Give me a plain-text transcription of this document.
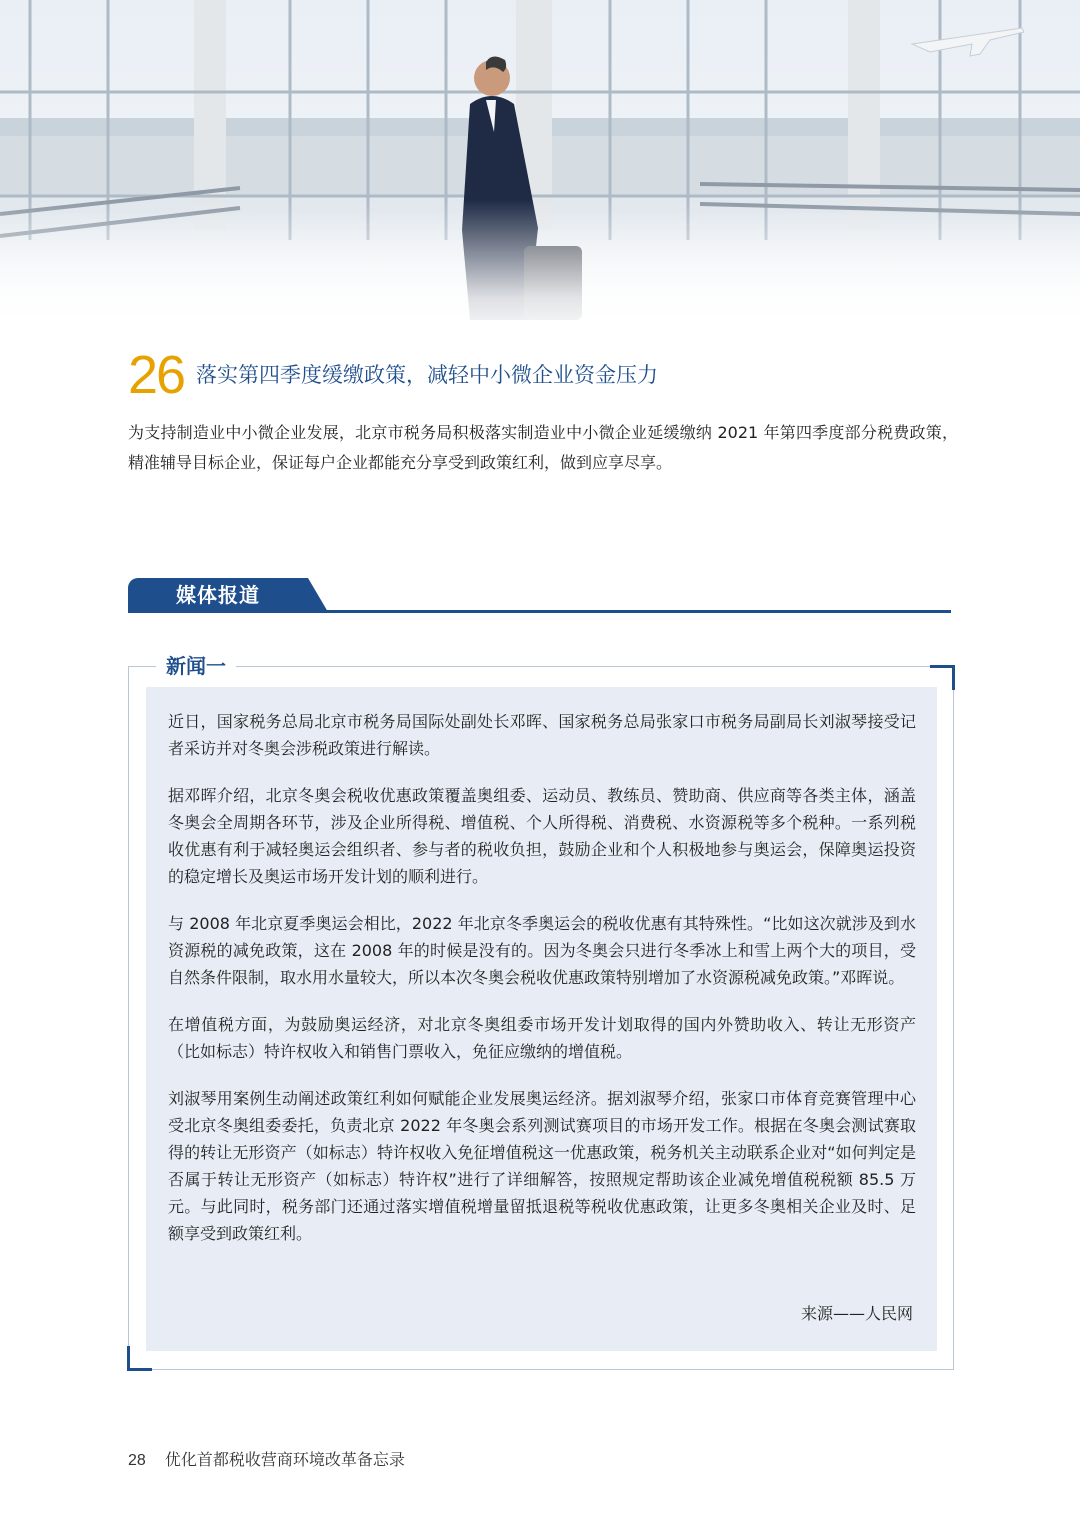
26 落实第四季度缓缴政策，减轻中小微企业资金压力
为支持制造业中小微企业发展，北京市税务局积极落实制造业中小微企业延缓缴纳 2021 年第四季度部分税费政策，精准辅导目标企业，保证每户企业都能充分享受到政策红利，做到应享尽享。
媒体报道
新闻一

近日，国家税务总局北京市税务局国际处副处长邓晖、国家税务总局张家口市税务局副局长刘淑琴接受记者采访并对冬奥会涉税政策进行解读。

据邓晖介绍，北京冬奥会税收优惠政策覆盖奥组委、运动员、教练员、赞助商、供应商等各类主体，涵盖冬奥会全周期各环节，涉及企业所得税、增值税、个人所得税、消费税、水资源税等多个税种。一系列税收优惠有利于减轻奥运会组织者、参与者的税收负担，鼓励企业和个人积极地参与奥运会，保障奥运投资的稳定增长及奥运市场开发计划的顺利进行。

与 2008 年北京夏季奥运会相比，2022 年北京冬季奥运会的税收优惠有其特殊性。“比如这次就涉及到水资源税的减免政策，这在 2008 年的时候是没有的。因为冬奥会只进行冬季冰上和雪上两个大的项目，受自然条件限制，取水用水量较大，所以本次冬奥会税收优惠政策特别增加了水资源税减免政策。”邓晖说。

在增值税方面，为鼓励奥运经济，对北京冬奥组委市场开发计划取得的国内外赞助收入、转让无形资产（比如标志）特许权收入和销售门票收入，免征应缴纳的增值税。

刘淑琴用案例生动阐述政策红利如何赋能企业发展奥运经济。据刘淑琴介绍，张家口市体育竞赛管理中心受北京冬奥组委委托，负责北京 2022 年冬奥会系列测试赛项目的市场开发工作。根据在冬奥会测试赛取得的转让无形资产（如标志）特许权收入免征增值税这一优惠政策，税务机关主动联系企业对“如何判定是否属于转让无形资产（如标志）特许权”进行了详细解答，按照规定帮助该企业减免增值税税额 85.5 万元。与此同时，税务部门还通过落实增值税增量留抵退税等税收优惠政策，让更多冬奥相关企业及时、足额享受到政策红利。

来源——人民网
28 优化首都税收营商环境改革备忘录
